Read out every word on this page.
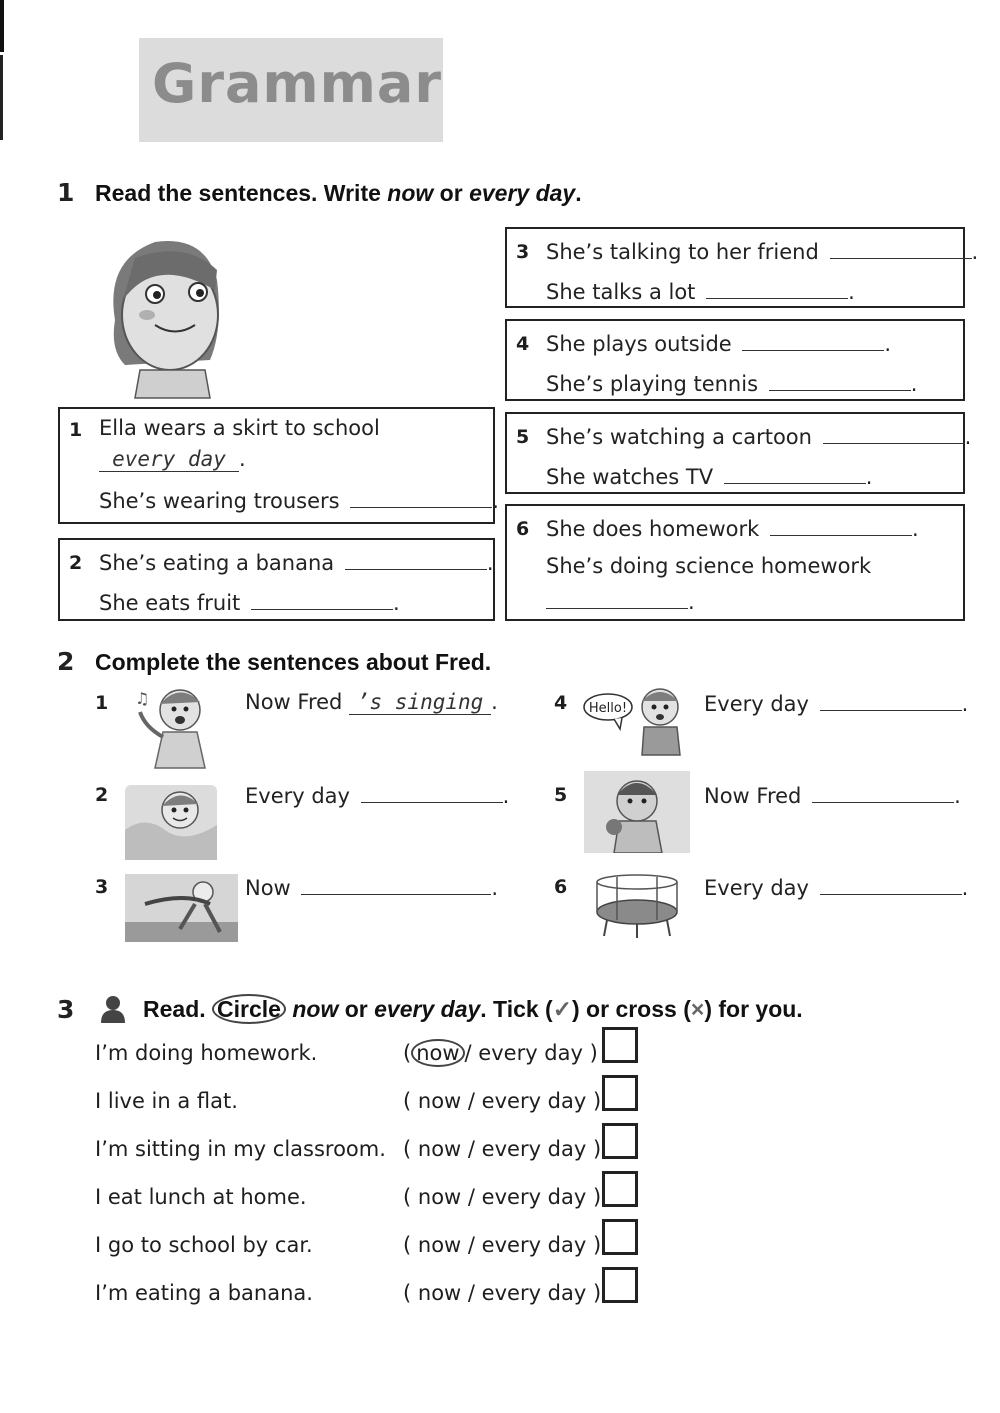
Grammar
1 Read the sentences. Write now or every day.
1 Ella wears a skirt to school
every day .
She’s wearing trousers	.
2 She’s eating a banana	.
She eats fruit	.
3 She’s talking to her friend	.
She talks a lot	.
4 She plays outside	.
She’s playing tennis	.
5 She’s watching a cartoon	.
She watches TV	.
6 She does homework	.
She’s doing science homework
.
2 Complete the sentences about Fred.
1 ♫	Now Fred ’s singing .
2	Every day	.
3	Now	.
4 Hello!	Every day	.
5	Now Fred	.
6	Every day	.
3	Read. Circle now or every day. Tick (✓) or cross (×) for you.
I’m doing homework.	( now / every day )
I live in a flat.	( now / every day )
I’m sitting in my classroom. ( now / every day )
I eat lunch at home.	( now / every day )
I go to school by car.	( now / every day )
I’m eating a banana.	( now / every day )
